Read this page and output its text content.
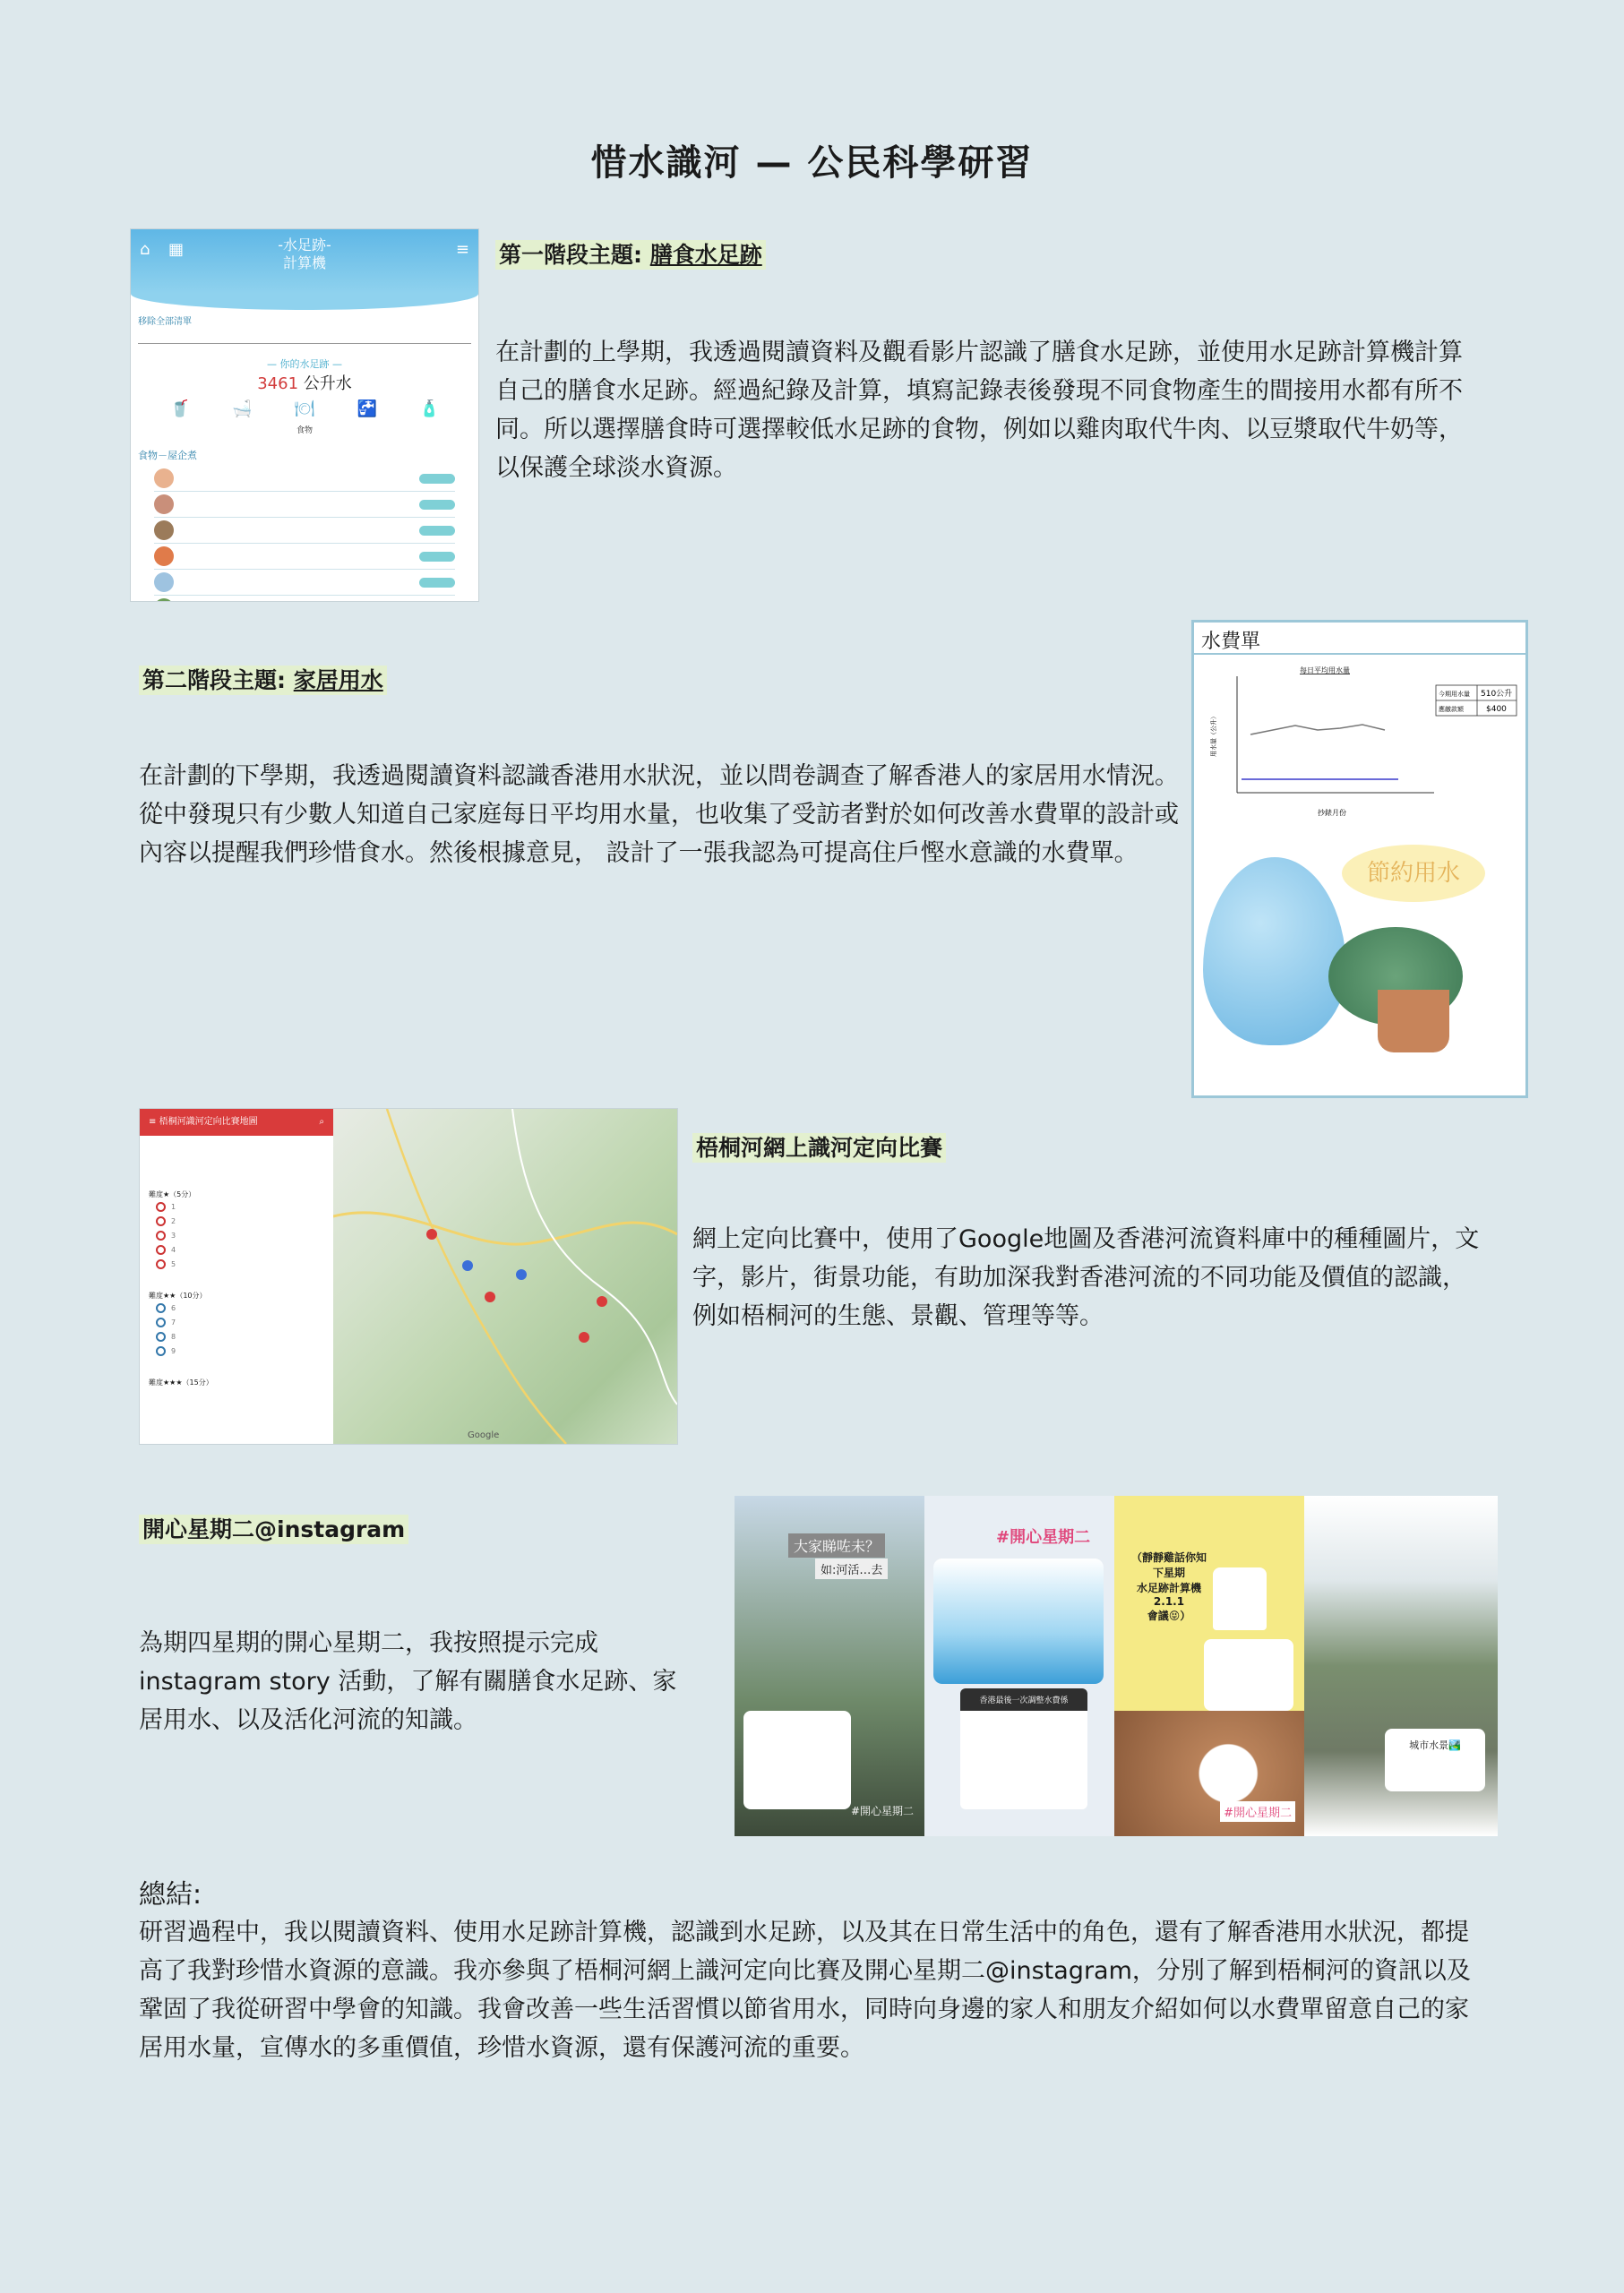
惜水識河 — 公民科學研習
⌂ ▦	≡
-水足跡-
計算機
移除全部清單
— 你的水足跡 —
3461 公升水
🥤	🛁	🍽	🚰	🧴
食物
食物－屋企煮
第一階段主題: 膳食水足跡
在計劃的上學期，我透過閱讀資料及觀看影片認識了膳食水足跡，並使用水足跡計算機計算自己的膳食水足跡。經過紀錄及計算，填寫記錄表後發現不同食物產生的間接用水都有所不同。所以選擇膳食時可選擇較低水足跡的食物，例如以雞肉取代牛肉、以豆漿取代牛奶等，以保護全球淡水資源。
第二階段主題: 家居用水
在計劃的下學期，我透過閱讀資料認識香港用水狀況，並以問卷調查了解香港人的家居用水情況。從中發現只有少數人知道自己家庭每日平均用水量，也收集了受訪者對於如何改善水費單的設計或內容以提醒我們珍惜食水。然後根據意見， 設計了一張我認為可提高住戶慳水意識的水費單。
水費單
每日平均用水量
用水量（公升）
抄錶月份
今期用水量 510公升
應繳款額	$400
節約用水
≡ 梧桐河識河定向比賽地圖	⌕
難度★（5分）
1
2
3
4
5
難度★★（10分）
6
7
8
9
難度★★★（15分）
Google
梧桐河網上識河定向比賽
網上定向比賽中，使用了Google地圖及香港河流資料庫中的種種圖片，文字，影片，街景功能，有助加深我對香港河流的不同功能及價值的認識，例如梧桐河的生態、景觀、管理等等。
開心星期二@instagram
為期四星期的開心星期二，我按照提示完成instagram story 活動，了解有關膳食水足跡、家居用水、以及活化河流的知識。
大家睇咗未？
如:河活…去
#開心星期二
#開心星期二
香港最後一次調整水費係
（靜靜雞話你知
下星期
水足跡計算機 2.1.1
會議😝）
#開心星期二
城市水景🏞️
總結:
研習過程中，我以閱讀資料、使用水足跡計算機，認識到水足跡，以及其在日常生活中的角色，還有了解香港用水狀況，都提高了我對珍惜水資源的意識。我亦參與了梧桐河網上識河定向比賽及開心星期二@instagram，分別了解到梧桐河的資訊以及鞏固了我從研習中學會的知識。我會改善一些生活習慣以節省用水，同時向身邊的家人和朋友介紹如何以水費單留意自己的家居用水量，宣傳水的多重價值，珍惜水資源，還有保護河流的重要。
